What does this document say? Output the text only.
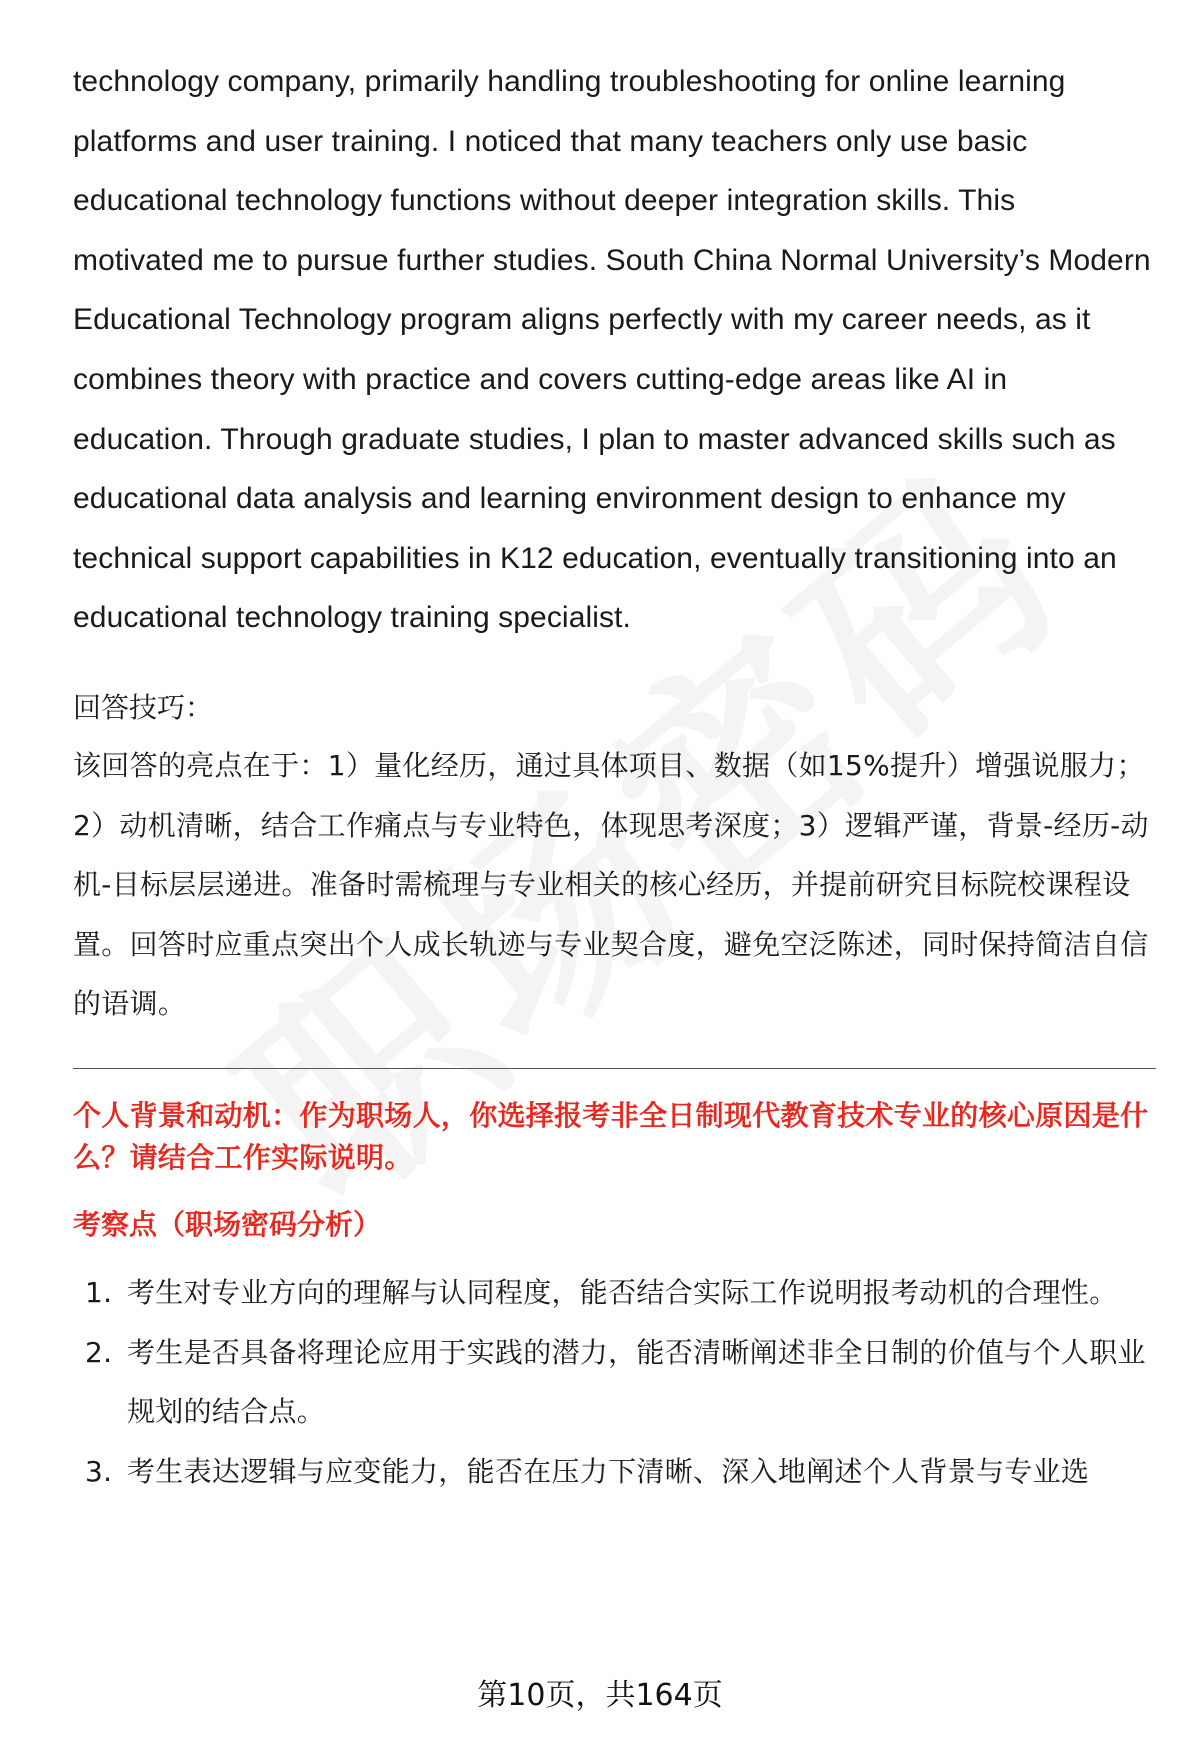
technology company, primarily handling troubleshooting for online learning platforms and user training. I noticed that many teachers only use basic educational technology functions without deeper integration skills. This motivated me to pursue further studies. South China Normal University’s Modern Educational Technology program aligns perfectly with my career needs, as it combines theory with practice and covers cutting-edge areas like AI in education. Through graduate studies, I plan to master advanced skills such as educational data analysis and learning environment design to enhance my technical support capabilities in K12 education, eventually transitioning into an educational technology training specialist.

回答技巧：

该回答的亮点在于：1）量化经历，通过具体项目、数据（如15%提升）增强说服力；2）动机清晰，结合工作痛点与专业特色，体现思考深度；3）逻辑严谨，背景-经历-动机-目标层层递进。准备时需梳理与专业相关的核心经历，并提前研究目标院校课程设置。回答时应重点突出个人成长轨迹与专业契合度，避免空泛陈述，同时保持简洁自信的语调。

个人背景和动机：作为职场人，你选择报考非全日制现代教育技术专业的核心原因是什么？请结合工作实际说明。

考察点（职场密码分析）

1. 考生对专业方向的理解与认同程度，能否结合实际工作说明报考动机的合理性。
2. 考生是否具备将理论应用于实践的潜力，能否清晰阐述非全日制的价值与个人职业规划的结合点。
3. 考生表达逻辑与应变能力，能否在压力下清晰、深入地阐述个人背景与专业选
第10页，共164页
